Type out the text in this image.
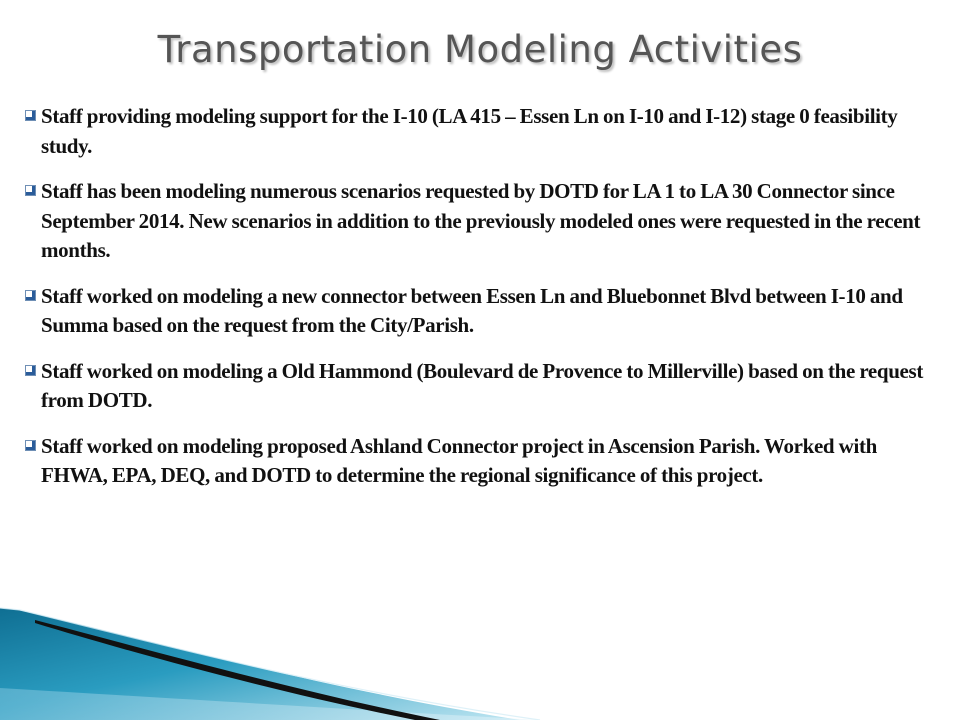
Transportation Modeling Activities
Staff providing modeling support for the I-10 (LA 415 – Essen Ln on I-10 and I-12) stage 0 feasibility study.
Staff has been modeling numerous scenarios requested by DOTD for LA 1 to LA 30 Connector since September 2014. New scenarios in addition to the previously modeled ones were requested in the recent months.
Staff worked on modeling a new connector between Essen Ln and Bluebonnet Blvd between I-10 and Summa based on the request from the City/Parish.
Staff worked on modeling a Old Hammond (Boulevard de Provence to Millerville) based on the request from DOTD.
Staff worked on modeling proposed Ashland Connector project in Ascension Parish. Worked with FHWA, EPA, DEQ, and DOTD to determine the regional significance of this project.
